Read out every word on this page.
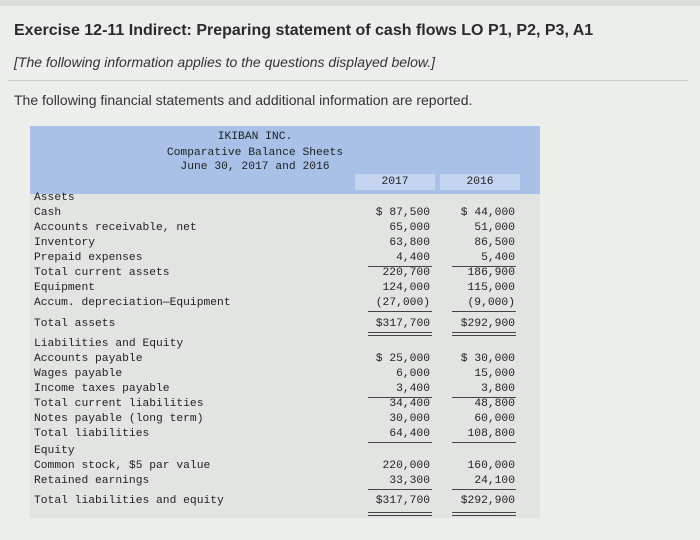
Exercise 12-11 Indirect: Preparing statement of cash flows LO P1, P2, P3, A1
[The following information applies to the questions displayed below.]
The following financial statements and additional information are reported.
IKIBAN INC.
Comparative Balance Sheets
June 30, 2017 and 2016
2017	2016
Assets
Cash	$ 87,500	$ 44,000
Accounts receivable, net	65,000	51,000
Inventory	63,800	86,500
Prepaid expenses	4,400	5,400
Total current assets	220,700	186,900
Equipment	124,000	115,000
Accum. depreciation—Equipment	(27,000)	(9,000)
Total assets	$317,700	$292,900
Liabilities and Equity
Accounts payable	$ 25,000	$ 30,000
Wages payable	6,000	15,000
Income taxes payable	3,400	3,800
Total current liabilities	34,400	48,800
Notes payable (long term)	30,000	60,000
Total liabilities	64,400	108,800
Equity
Common stock, $5 par value	220,000	160,000
Retained earnings	33,300	24,100
Total liabilities and equity	$317,700	$292,900
